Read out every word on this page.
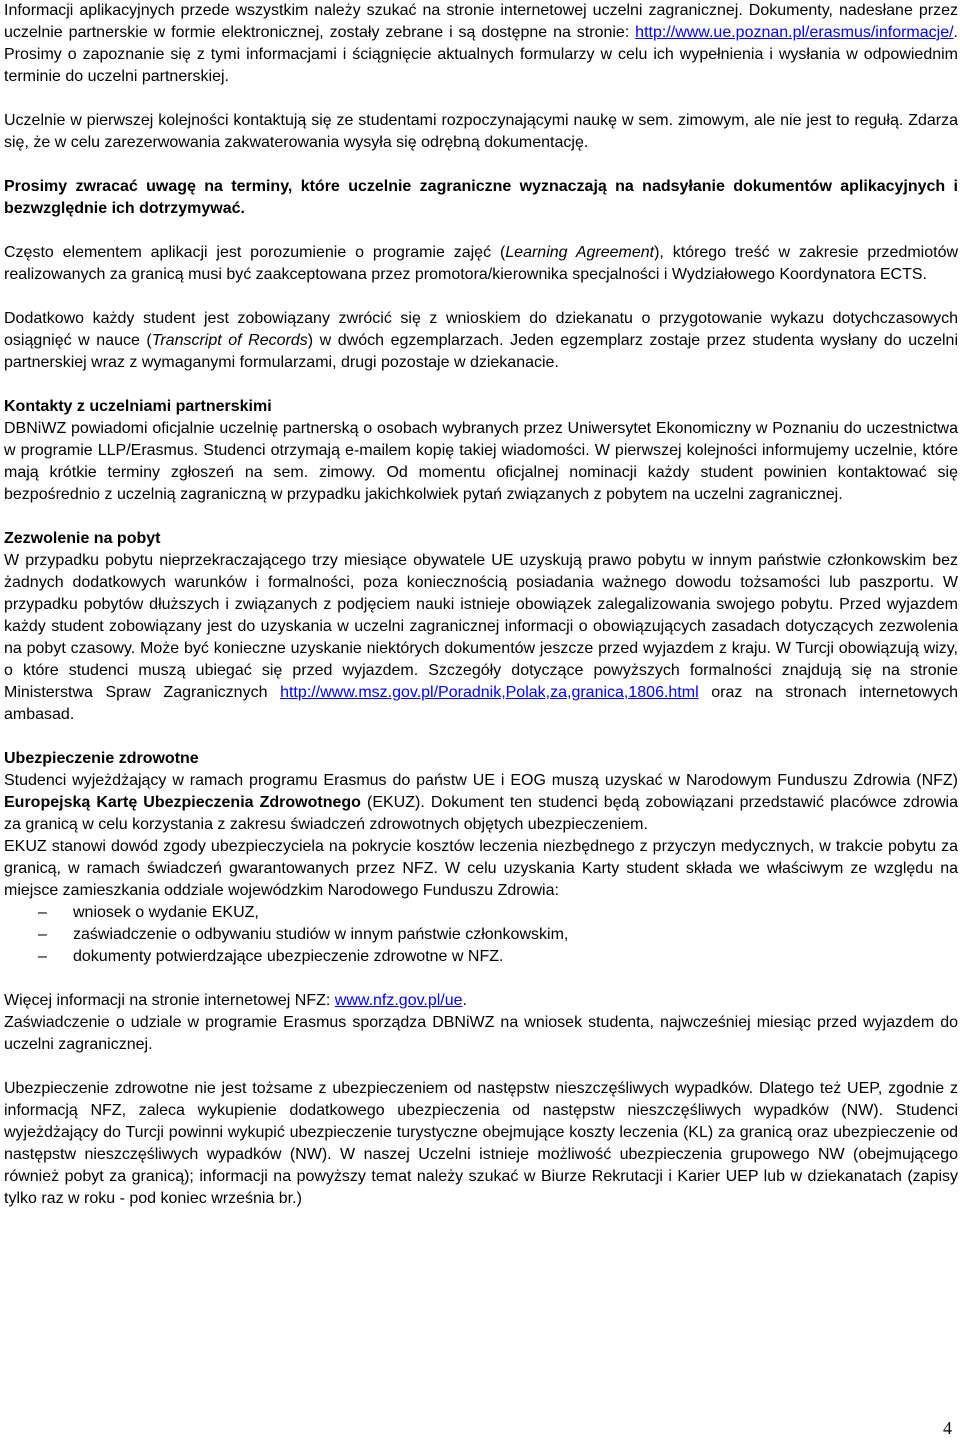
Informacji aplikacyjnych przede wszystkim należy szukać na stronie internetowej uczelni zagranicznej. Dokumenty, nadesłane przez uczelnie partnerskie w formie elektronicznej, zostały zebrane i są dostępne na stronie: http://www.ue.poznan.pl/erasmus/informacje/. Prosimy o zapoznanie się z tymi informacjami i ściągnięcie aktualnych formularzy w celu ich wypełnienia i wysłania w odpowiednim terminie do uczelni partnerskiej.

Uczelnie w pierwszej kolejności kontaktują się ze studentami rozpoczynającymi naukę w sem. zimowym, ale nie jest to regułą. Zdarza się, że w celu zarezerwowania zakwaterowania wysyła się odrębną dokumentację.

Prosimy zwracać uwagę na terminy, które uczelnie zagraniczne wyznaczają na nadsyłanie dokumentów aplikacyjnych i bezwzględnie ich dotrzymywać.

Często elementem aplikacji jest porozumienie o programie zajęć (Learning Agreement), którego treść w zakresie przedmiotów realizowanych za granicą musi być zaakceptowana przez promotora/kierownika specjalności i Wydziałowego Koordynatora ECTS.

Dodatkowo każdy student jest zobowiązany zwrócić się z wnioskiem do dziekanatu o przygotowanie wykazu dotychczasowych osiągnięć w nauce (Transcript of Records) w dwóch egzemplarzach. Jeden egzemplarz zostaje przez studenta wysłany do uczelni partnerskiej wraz z wymaganymi formularzami, drugi pozostaje w dziekanacie.

Kontakty z uczelniami partnerskimi

DBNiWZ powiadomi oficjalnie uczelnię partnerską o osobach wybranych przez Uniwersytet Ekonomiczny w Poznaniu do uczestnictwa w programie LLP/Erasmus. Studenci otrzymają e-mailem kopię takiej wiadomości. W pierwszej kolejności informujemy uczelnie, które mają krótkie terminy zgłoszeń na sem. zimowy. Od momentu oficjalnej nominacji każdy student powinien kontaktować się bezpośrednio z uczelnią zagraniczną w przypadku jakichkolwiek pytań związanych z pobytem na uczelni zagranicznej.

Zezwolenie na pobyt

W przypadku pobytu nieprzekraczającego trzy miesiące obywatele UE uzyskują prawo pobytu w innym państwie członkowskim bez żadnych dodatkowych warunków i formalności, poza koniecznością posiadania ważnego dowodu tożsamości lub paszportu. W przypadku pobytów dłuższych i związanych z podjęciem nauki istnieje obowiązek zalegalizowania swojego pobytu. Przed wyjazdem każdy student zobowiązany jest do uzyskania w uczelni zagranicznej informacji o obowiązujących zasadach dotyczących zezwolenia na pobyt czasowy. Może być konieczne uzyskanie niektórych dokumentów jeszcze przed wyjazdem z kraju. W Turcji obowiązują wizy, o które studenci muszą ubiegać się przed wyjazdem. Szczegóły dotyczące powyższych formalności znajdują się na stronie Ministerstwa Spraw Zagranicznych http://www.msz.gov.pl/Poradnik,Polak,za,granica,1806.html oraz na stronach internetowych ambasad.

Ubezpieczenie zdrowotne

Studenci wyjeżdżający w ramach programu Erasmus do państw UE i EOG muszą uzyskać w Narodowym Funduszu Zdrowia (NFZ) Europejską Kartę Ubezpieczenia Zdrowotnego (EKUZ). Dokument ten studenci będą zobowiązani przedstawić placówce zdrowia za granicą w celu korzystania z zakresu świadczeń zdrowotnych objętych ubezpieczeniem.

EKUZ stanowi dowód zgody ubezpieczyciela na pokrycie kosztów leczenia niezbędnego z przyczyn medycznych, w trakcie pobytu za granicą, w ramach świadczeń gwarantowanych przez NFZ. W celu uzyskania Karty student składa we właściwym ze względu na miejsce zamieszkania oddziale wojewódzkim Narodowego Funduszu Zdrowia:

– wniosek o wydanie EKUZ,
– zaświadczenie o odbywaniu studiów w innym państwie członkowskim,
– dokumenty potwierdzające ubezpieczenie zdrowotne w NFZ.

Więcej informacji na stronie internetowej NFZ: www.nfz.gov.pl/ue.

Zaświadczenie o udziale w programie Erasmus sporządza DBNiWZ na wniosek studenta, najwcześniej miesiąc przed wyjazdem do uczelni zagranicznej.

Ubezpieczenie zdrowotne nie jest tożsame z ubezpieczeniem od następstw nieszczęśliwych wypadków. Dlatego też UEP, zgodnie z informacją NFZ, zaleca wykupienie dodatkowego ubezpieczenia od następstw nieszczęśliwych wypadków (NW). Studenci wyjeżdżający do Turcji powinni wykupić ubezpieczenie turystyczne obejmujące koszty leczenia (KL) za granicą oraz ubezpieczenie od następstw nieszczęśliwych wypadków (NW). W naszej Uczelni istnieje możliwość ubezpieczenia grupowego NW (obejmującego również pobyt za granicą); informacji na powyższy temat należy szukać w Biurze Rekrutacji i Karier UEP lub w dziekanatach (zapisy tylko raz w roku - pod koniec września br.)

4
